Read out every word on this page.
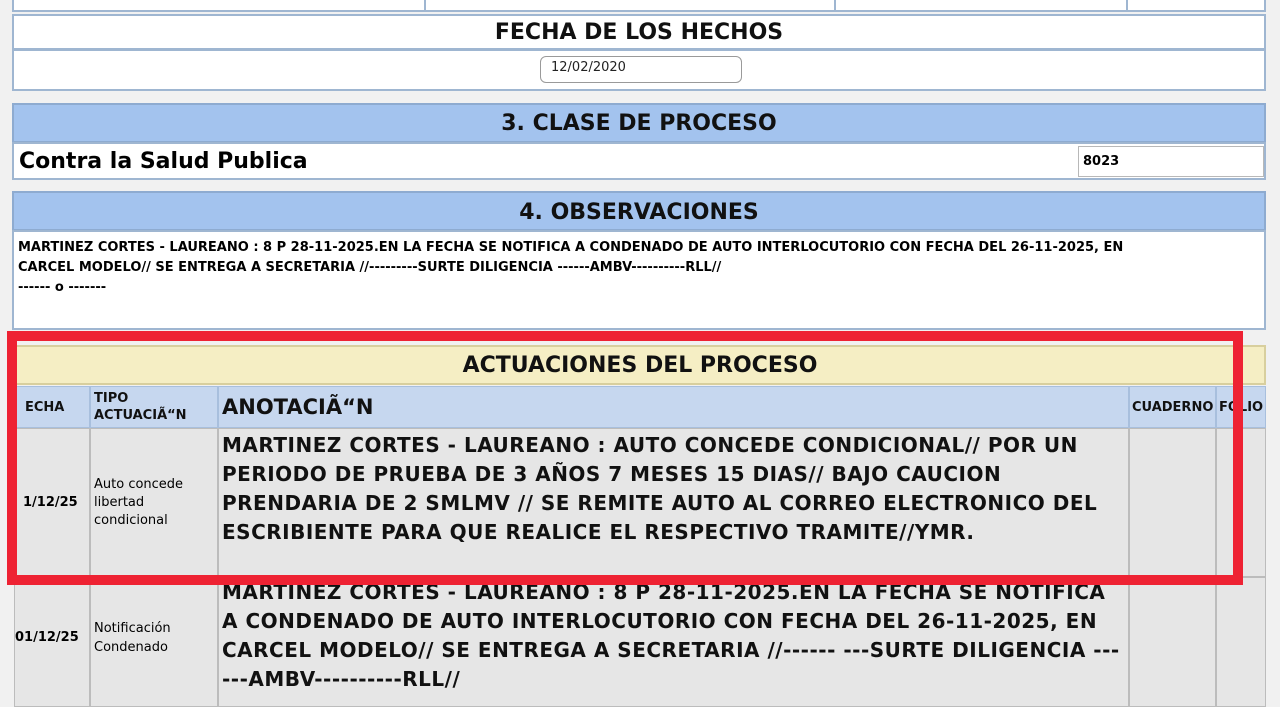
FECHA DE LOS HECHOS
12/02/2020
3. CLASE DE PROCESO
Contra la Salud Publica	8023
4. OBSERVACIONES
MARTINEZ CORTES - LAUREANO : 8 P 28-11-2025.EN LA FECHA SE NOTIFICA A CONDENADO DE AUTO INTERLOCUTORIO CON FECHA DEL 26-11-2025, EN
CARCEL MODELO// SE ENTREGA A SECRETARIA //---------SURTE DILIGENCIA ------AMBV----------RLL//
------ o -------
ACTUACIONES DEL PROCESO
ECHA
TIPO ACTUACIÃ“N ANOTACIÃ“N	CUADERNO FOLIO
1/12/25
Auto concede libertad condicional
MARTINEZ CORTES - LAUREANO : AUTO CONCEDE CONDICIONAL// POR UN PERIODO DE PRUEBA DE 3 AÑOS 7 MESES 15 DIAS// BAJO CAUCION PRENDARIA DE 2 SMLMV // SE REMITE AUTO AL CORREO ELECTRONICO DEL ESCRIBIENTE PARA QUE REALICE EL RESPECTIVO TRAMITE//YMR.
01/12/25
Notificación Condenado
MARTINEZ CORTES - LAUREANO : 8 P 28-11-2025.EN LA FECHA SE NOTIFICA A CONDENADO DE AUTO INTERLOCUTORIO CON FECHA DEL 26-11-2025, EN CARCEL MODELO// SE ENTREGA A SECRETARIA //------ ---SURTE DILIGENCIA ------AMBV----------RLL//
